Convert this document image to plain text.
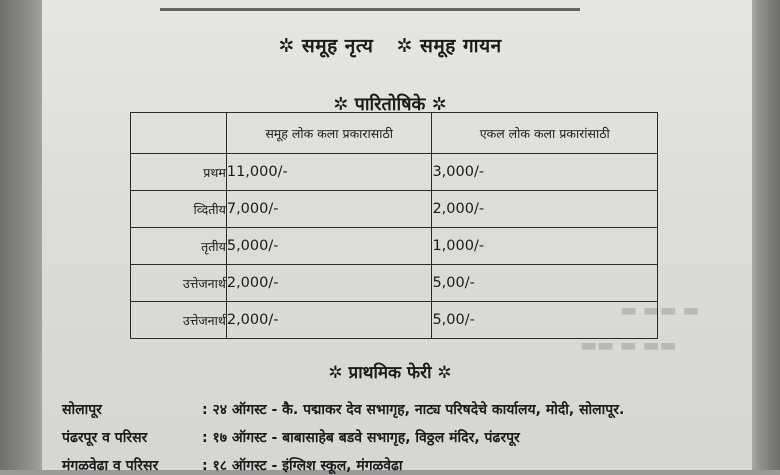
▬ ▬▬ ▬
▬▬ ▬ ▬▬
✲ समूह नृत्य ✲ समूह गायन
✲ पारितोषिके ✲
	समूह लोक कला प्रकारासाठी	एकल लोक कला प्रकारांसाठी
प्रथम	11,000/-	3,000/-
व्दितीय	7,000/-	2,000/-
तृतीय	5,000/-	1,000/-
उत्तेजनार्थ	2,000/-	5,00/-
उत्तेजनार्थ	2,000/-	5,00/-
✲ प्राथमिक फेरी ✲
सोलापूर	: २४ ऑगस्ट - कै. पद्माकर देव सभागृह, नाट्य परिषदेचे कार्यालय, मोदी, सोलापूर.
पंढरपूर व परिसर	: १७ ऑगस्ट - बाबासाहेब बडवे सभागृह, विठ्ठल मंदिर, पंढरपूर
मंगळवेढा व परिसर	: १८ ऑगस्ट - इंग्लिश स्कूल, मंगळवेढा
